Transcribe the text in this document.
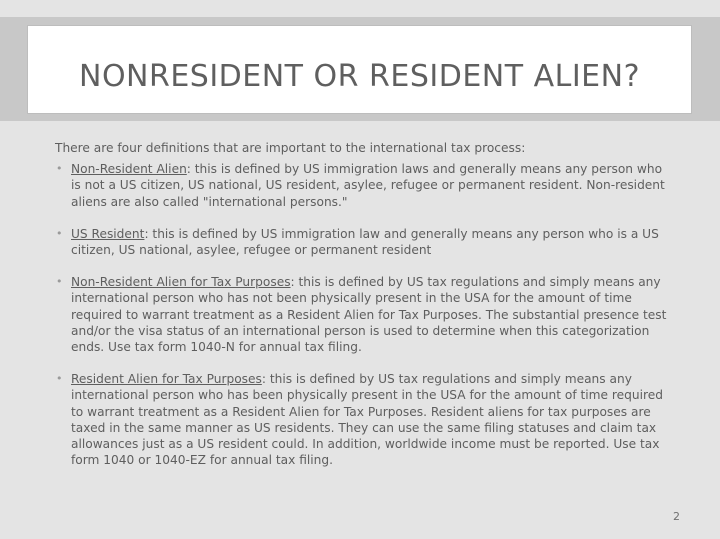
NONRESIDENT OR RESIDENT ALIEN?

There are four definitions that are important to the international tax process:

• Non-Resident Alien: this is defined by US immigration laws and generally means any person who is not a US citizen, US national, US resident, asylee, refugee or permanent resident. Non-resident aliens are also called "international persons."

• US Resident: this is defined by US immigration law and generally means any person who is a US citizen, US national, asylee, refugee or permanent resident

• Non-Resident Alien for Tax Purposes: this is defined by US tax regulations and simply means any international person who has not been physically present in the USA for the amount of time required to warrant treatment as a Resident Alien for Tax Purposes. The substantial presence test and/or the visa status of an international person is used to determine when this categorization ends. Use tax form 1040-N for annual tax filing.

• Resident Alien for Tax Purposes: this is defined by US tax regulations and simply means any international person who has been physically present in the USA for the amount of time required to warrant treatment as a Resident Alien for Tax Purposes. Resident aliens for tax purposes are taxed in the same manner as US residents. They can use the same filing statuses and claim tax allowances just as a US resident could. In addition, worldwide income must be reported. Use tax form 1040 or 1040-EZ for annual tax filing.

2
